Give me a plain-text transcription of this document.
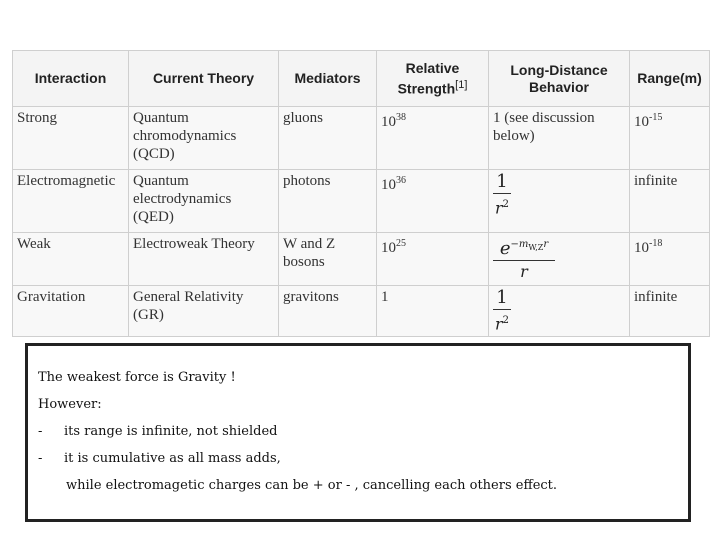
Interaction	Current Theory	Mediators	Relative Strength[1]	Long-Distance Behavior	Range(m)
Strong	Quantum chromodynamics (QCD)	gluons	$10^{38}$	1 (see discussion below)	$10^{-15}$
Electromagnetic	Quantum electrodynamics (QED)	photons	$10^{36}$	$\frac{1}{r^2}$	infinite
Weak	Electroweak Theory	W and Z bosons	$10^{25}$	$\frac{e^{-m_{W,Z}r}}{r}$	$10^{-18}$
Gravitation	General Relativity (GR)	gravitons	1	$\frac{1}{r^2}$	infinite
The weakest force is Gravity !
However:
- its range is infinite, not shielded
- it is cumulative as all mass adds,
while electromagetic charges can be + or - , cancelling each others effect.
